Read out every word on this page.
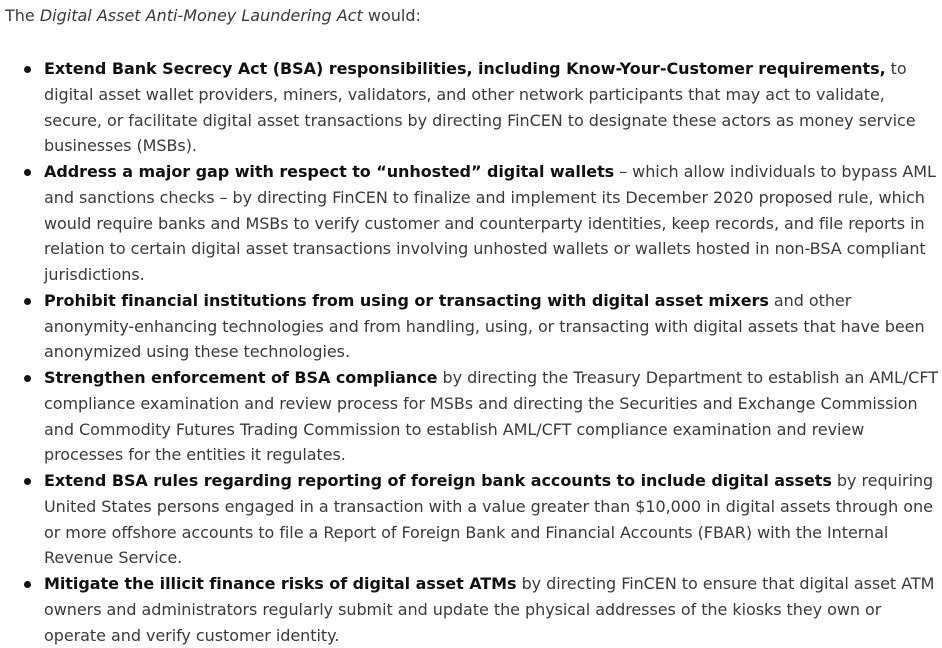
The Digital Asset Anti-Money Laundering Act would:

Extend Bank Secrecy Act (BSA) responsibilities, including Know-Your-Customer requirements, to digital asset wallet providers, miners, validators, and other network participants that may act to validate, secure, or facilitate digital asset transactions by directing FinCEN to designate these actors as money service businesses (MSBs).
Address a major gap with respect to “unhosted” digital wallets – which allow individuals to bypass AML and sanctions checks – by directing FinCEN to finalize and implement its December 2020 proposed rule, which would require banks and MSBs to verify customer and counterparty identities, keep records, and file reports in relation to certain digital asset transactions involving unhosted wallets or wallets hosted in non-BSA compliant jurisdictions.
Prohibit financial institutions from using or transacting with digital asset mixers and other anonymity-enhancing technologies and from handling, using, or transacting with digital assets that have been anonymized using these technologies.
Strengthen enforcement of BSA compliance by directing the Treasury Department to establish an AML/CFT compliance examination and review process for MSBs and directing the Securities and Exchange Commission and Commodity Futures Trading Commission to establish AML/CFT compliance examination and review processes for the entities it regulates.
Extend BSA rules regarding reporting of foreign bank accounts to include digital assets by requiring United States persons engaged in a transaction with a value greater than $10,000 in digital assets through one or more offshore accounts to file a Report of Foreign Bank and Financial Accounts (FBAR) with the Internal Revenue Service.
Mitigate the illicit finance risks of digital asset ATMs by directing FinCEN to ensure that digital asset ATM owners and administrators regularly submit and update the physical addresses of the kiosks they own or operate and verify customer identity.
